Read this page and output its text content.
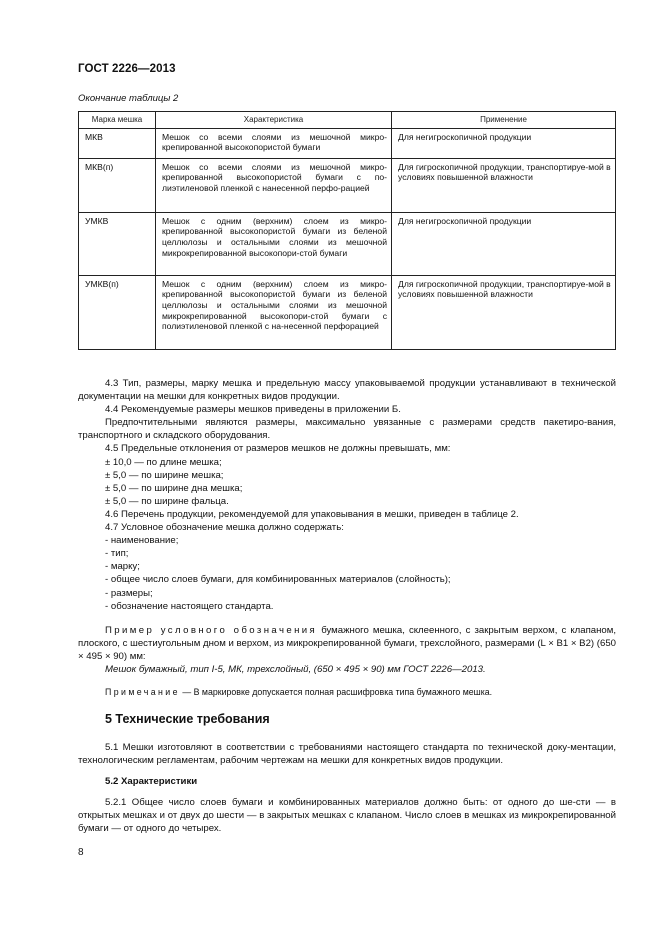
ГОСТ 2226—2013
Окончание таблицы 2
Марка мешка	Характеристика	Применение
МКВ	Мешок со всеми слоями из мешочной микро-крепированной высокопористой бумаги	Для негигроскопичной продукции
МКВ(п)	Мешок со всеми слоями из мешочной микро-крепированной высокопористой бумаги с по-лиэтиленовой пленкой с нанесенной перфо-рацией	Для гигроскопичной продукции, транспортируе-мой в условиях повышенной влажности
УМКВ	Мешок с одним (верхним) слоем из микро-крепированной высокопористой бумаги из беленой целлюлозы и остальными слоями из мешочной микрокрепированной высокопори-стой бумаги	Для негигроскопичной продукции
УМКВ(п)	Мешок с одним (верхним) слоем из микро-крепированной высокопористой бумаги из беленой целлюлозы и остальными слоями из мешочной микрокрепированной высокопори-стой бумаги с полиэтиленовой пленкой с на-несенной перфорацией	Для гигроскопичной продукции, транспортируе-мой в условиях повышенной влажности

4.3 Тип, размеры, марку мешка и предельную массу упаковываемой продукции устанавливают в технической документации на мешки для конкретных видов продукции.

4.4 Рекомендуемые размеры мешков приведены в приложении Б.

Предпочтительными являются размеры, максимально увязанные с размерами средств пакетиро-вания, транспортного и складского оборудования.

4.5 Предельные отклонения от размеров мешков не должны превышать, мм:

± 10,0 — по длине мешка;

± 5,0 — по ширине мешка;

± 5,0 — по ширине дна мешка;

± 5,0 — по ширине фальца.

4.6 Перечень продукции, рекомендуемой для упаковывания в мешки, приведен в таблице 2.

4.7 Условное обозначение мешка должно содержать:

- наименование;

- тип;

- марку;

- общее число слоев бумаги, для комбинированных материалов (слойность);

- размеры;

- обозначение настоящего стандарта.

Пример условного обозначения бумажного мешка, склеенного, с закрытым верхом, с клапаном, плоского, с шестиугольным дном и верхом, из микрокрепированной бумаги, трехслойного, размерами (L × B1 × B2) (650 × 495 × 90) мм:

Мешок бумажный, тип I-5, МК, трехслойный, (650 × 495 × 90) мм ГОСТ 2226—2013.

Примечание — В маркировке допускается полная расшифровка типа бумажного мешка.

5 Технические требования

5.1 Мешки изготовляют в соответствии с требованиями настоящего стандарта по технической доку-ментации, технологическим регламентам, рабочим чертежам на мешки для конкретных видов продукции.

5.2 Характеристики

5.2.1 Общее число слоев бумаги и комбинированных материалов должно быть: от одного до ше-сти — в открытых мешках и от двух до шести — в закрытых мешках с клапаном. Число слоев в мешках из микрокрепированной бумаги — от одного до четырех.

8
